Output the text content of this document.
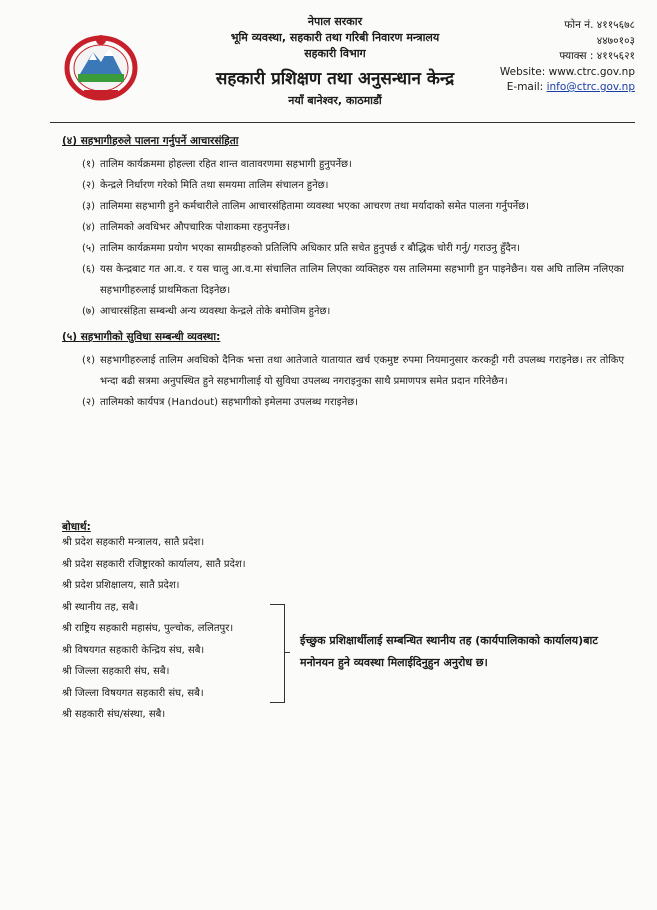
नेपाल सरकार
भूमि व्यवस्था, सहकारी तथा गरिबी निवारण मन्त्रालय
सहकारी विभाग
सहकारी प्रशिक्षण तथा अनुसन्धान केन्द्र
नयाँ बानेश्वर, काठमाडौं
फोन नं. ४११५६७८
४४७०१०३
फ्याक्स : ४११५६२१
Website: www.ctrc.gov.np
E-mail: info@ctrc.gov.np
(४) सहभागीहरुले पालना गर्नुपर्ने आचारसंहिता
(१) तालिम कार्यक्रममा होहल्ला रहित शान्त वातावरणमा सहभागी हुनुपर्नेछ।
(२) केन्द्रले निर्धारण गरेको मिति तथा समयमा तालिम संचालन हुनेछ।
(३) तालिममा सहभागी हुने कर्मचारीले तालिम आचारसंहितामा व्यवस्था भएका आचरण तथा मर्यादाको समेत पालना गर्नुपर्नेछ।
(४) तालिमको अवधिभर औपचारिक पोशाकमा रहनुपर्नेछ।
(५) तालिम कार्यक्रममा प्रयोग भएका सामग्रीहरुको प्रतिलिपि अधिकार प्रति सचेत हुनुपर्छ र बौद्धिक चोरी गर्नु/ गराउनु हुँदैन।
(६) यस केन्द्रबाट गत आ.व. र यस चालु आ.व.मा संचालित तालिम लिएका व्यक्तिहरु यस तालिममा सहभागी हुन पाइनेछैन। यस अघि तालिम नलिएका सहभागीहरुलाई प्राथमिकता दिइनेछ।
(७) आचारसंहिता सम्बन्धी अन्य व्यवस्था केन्द्रले तोके बमोजिम हुनेछ।
(५) सहभागीको सुविधा सम्बन्धी व्यवस्था:
(१) सहभागीहरुलाई तालिम अवधिको दैनिक भत्ता तथा आतेजाते यातायात खर्च एकमुष्ट रुपमा नियमानुसार करकट्टी गरी उपलब्ध गराइनेछ। तर तोकिए भन्दा बढी सत्रमा अनुपस्थित हुने सहभागीलाई यो सुविधा उपलब्ध नगराइनुका साथै प्रमाणपत्र समेत प्रदान गरिनेछैन।
(२) तालिमको कार्यपत्र (Handout) सहभागीको इमेलमा उपलब्ध गराइनेछ।
बोधार्थ:
श्री प्रदेश सहकारी मन्त्रालय, सातै प्रदेश।
श्री प्रदेश सहकारी रजिष्ट्रारको कार्यालय, सातै प्रदेश।
श्री प्रदेश प्रशिक्षालय, सातै प्रदेश।
श्री स्थानीय तह, सबै।
श्री राष्ट्रिय सहकारी महासंघ, पुल्चोक, ललितपुर।
श्री विषयगत सहकारी केन्द्रिय संघ, सबै।
श्री जिल्ला सहकारी संघ, सबै।
श्री जिल्ला विषयगत सहकारी संघ, सबै।
श्री सहकारी संघ/संस्था, सबै।
ईच्छुक प्रशिक्षार्थीलाई सम्बन्धित स्थानीय तह (कार्यपालिकाको कार्यालय)बाट मनोनयन हुने व्यवस्था मिलाईदिनुहुन अनुरोध छ।
